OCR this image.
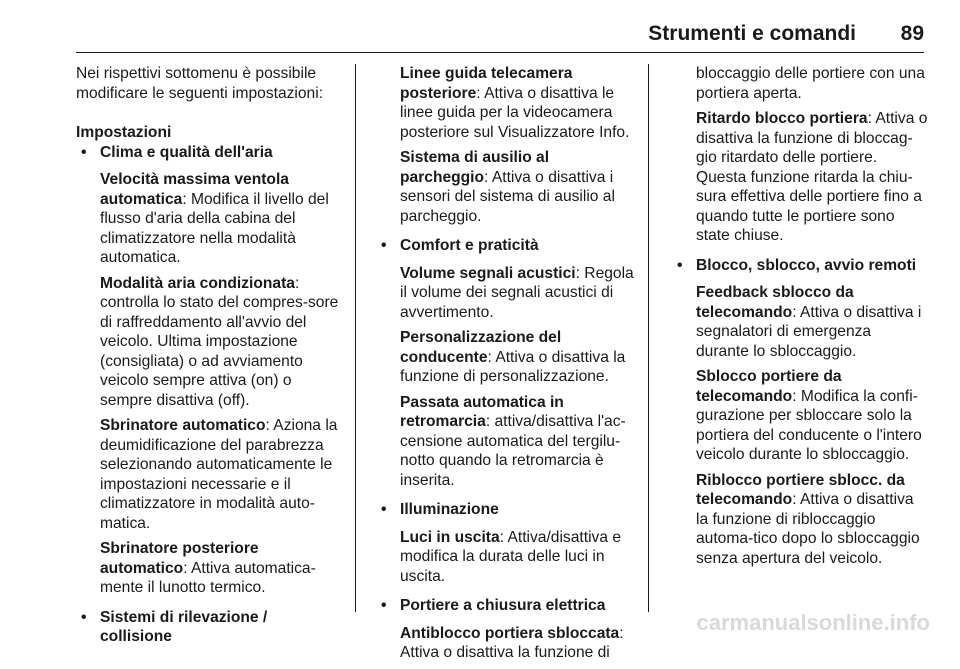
Strumenti e comandi 89

Nei rispettivi sottomenu è possibile modificare le seguenti impostazioni:

Impostazioni

• Clima e qualità dell'aria
Velocità massima ventola automatica: Modifica il livello del flusso d'aria della cabina del climatizzatore nella modalità automatica.
Modalità aria condizionata: controlla lo stato del compres-sore di raffreddamento all'avvio del veicolo. Ultima impostazione (consigliata) o ad avviamento veicolo sempre attiva (on) o sempre disattiva (off).
Sbrinatore automatico: Aziona la deumidificazione del parabrezza selezionando automaticamente le impostazioni necessarie e il climatizzatore in modalità auto-matica.
Sbrinatore posteriore automatico: Attiva automatica-mente il lunotto termico.
• Sistemi di rilevazione / collisione
Linee guida telecamera posteriore: Attiva o disattiva le linee guida per la videocamera posteriore sul Visualizzatore Info.
Sistema di ausilio al parcheggio: Attiva o disattiva i sensori del sistema di ausilio al parcheggio.
• Comfort e praticità
Volume segnali acustici: Regola il volume dei segnali acustici di avvertimento.
Personalizzazione del conducente: Attiva o disattiva la funzione di personalizzazione.
Passata automatica in retromarcia: attiva/disattiva l'ac-censione automatica del tergilu-notto quando la retromarcia è inserita.
• Illuminazione
Luci in uscita: Attiva/disattiva e modifica la durata delle luci in uscita.
• Portiere a chiusura elettrica
Antiblocco portiera sbloccata: Attiva o disattiva la funzione di
bloccaggio delle portiere con una portiera aperta.
Ritardo blocco portiera: Attiva o disattiva la funzione di bloccag-gio ritardato delle portiere. Questa funzione ritarda la chiu-sura effettiva delle portiere fino a quando tutte le portiere sono state chiuse.
• Blocco, sblocco, avvio remoti
Feedback sblocco da telecomando: Attiva o disattiva i segnalatori di emergenza durante lo sbloccaggio.
Sblocco portiere da telecomando: Modifica la confi-gurazione per sbloccare solo la portiera del conducente o l'intero veicolo durante lo sbloccaggio.
Riblocco portiere sblocc. da telecomando: Attiva o disattiva la funzione di ribloccaggio automa-tico dopo lo sbloccaggio senza apertura del veicolo.
carmanualsonline.info
